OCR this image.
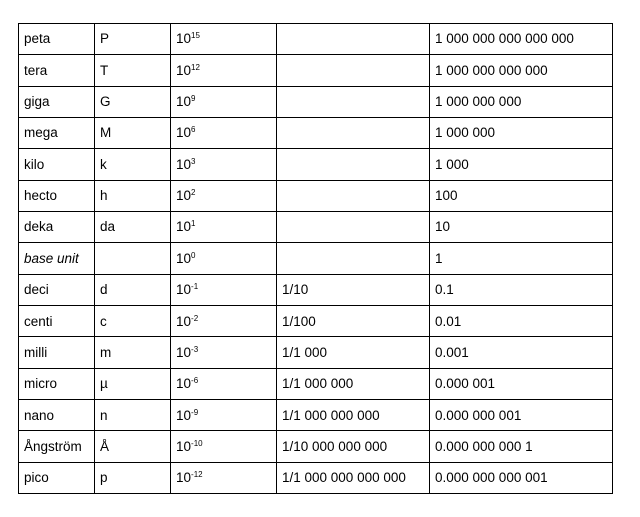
peta	P	$10^{15}$		1 000 000 000 000 000
tera	T	$10^{12}$		1 000 000 000 000
giga	G	$10^9$		1 000 000 000
mega	M	$10^6$		1 000 000
kilo	k	$10^3$		1 000
hecto	h	$10^2$		100
deka	da	$10^1$		10
base unit		$10^0$		1
deci	d	$10^{-1}$	1/10	0.1
centi	c	$10^{-2}$	1/100	0.01
milli	m	$10^{-3}$	1/1 000	0.001
micro	µ	$10^{-6}$	1/1 000 000	0.000 001
nano	n	$10^{-9}$	1/1 000 000 000	0.000 000 001
Ångström	Å	$10^{-10}$	1/10 000 000 000	0.000 000 000 1
pico	p	$10^{-12}$	1/1 000 000 000 000	0.000 000 000 001
